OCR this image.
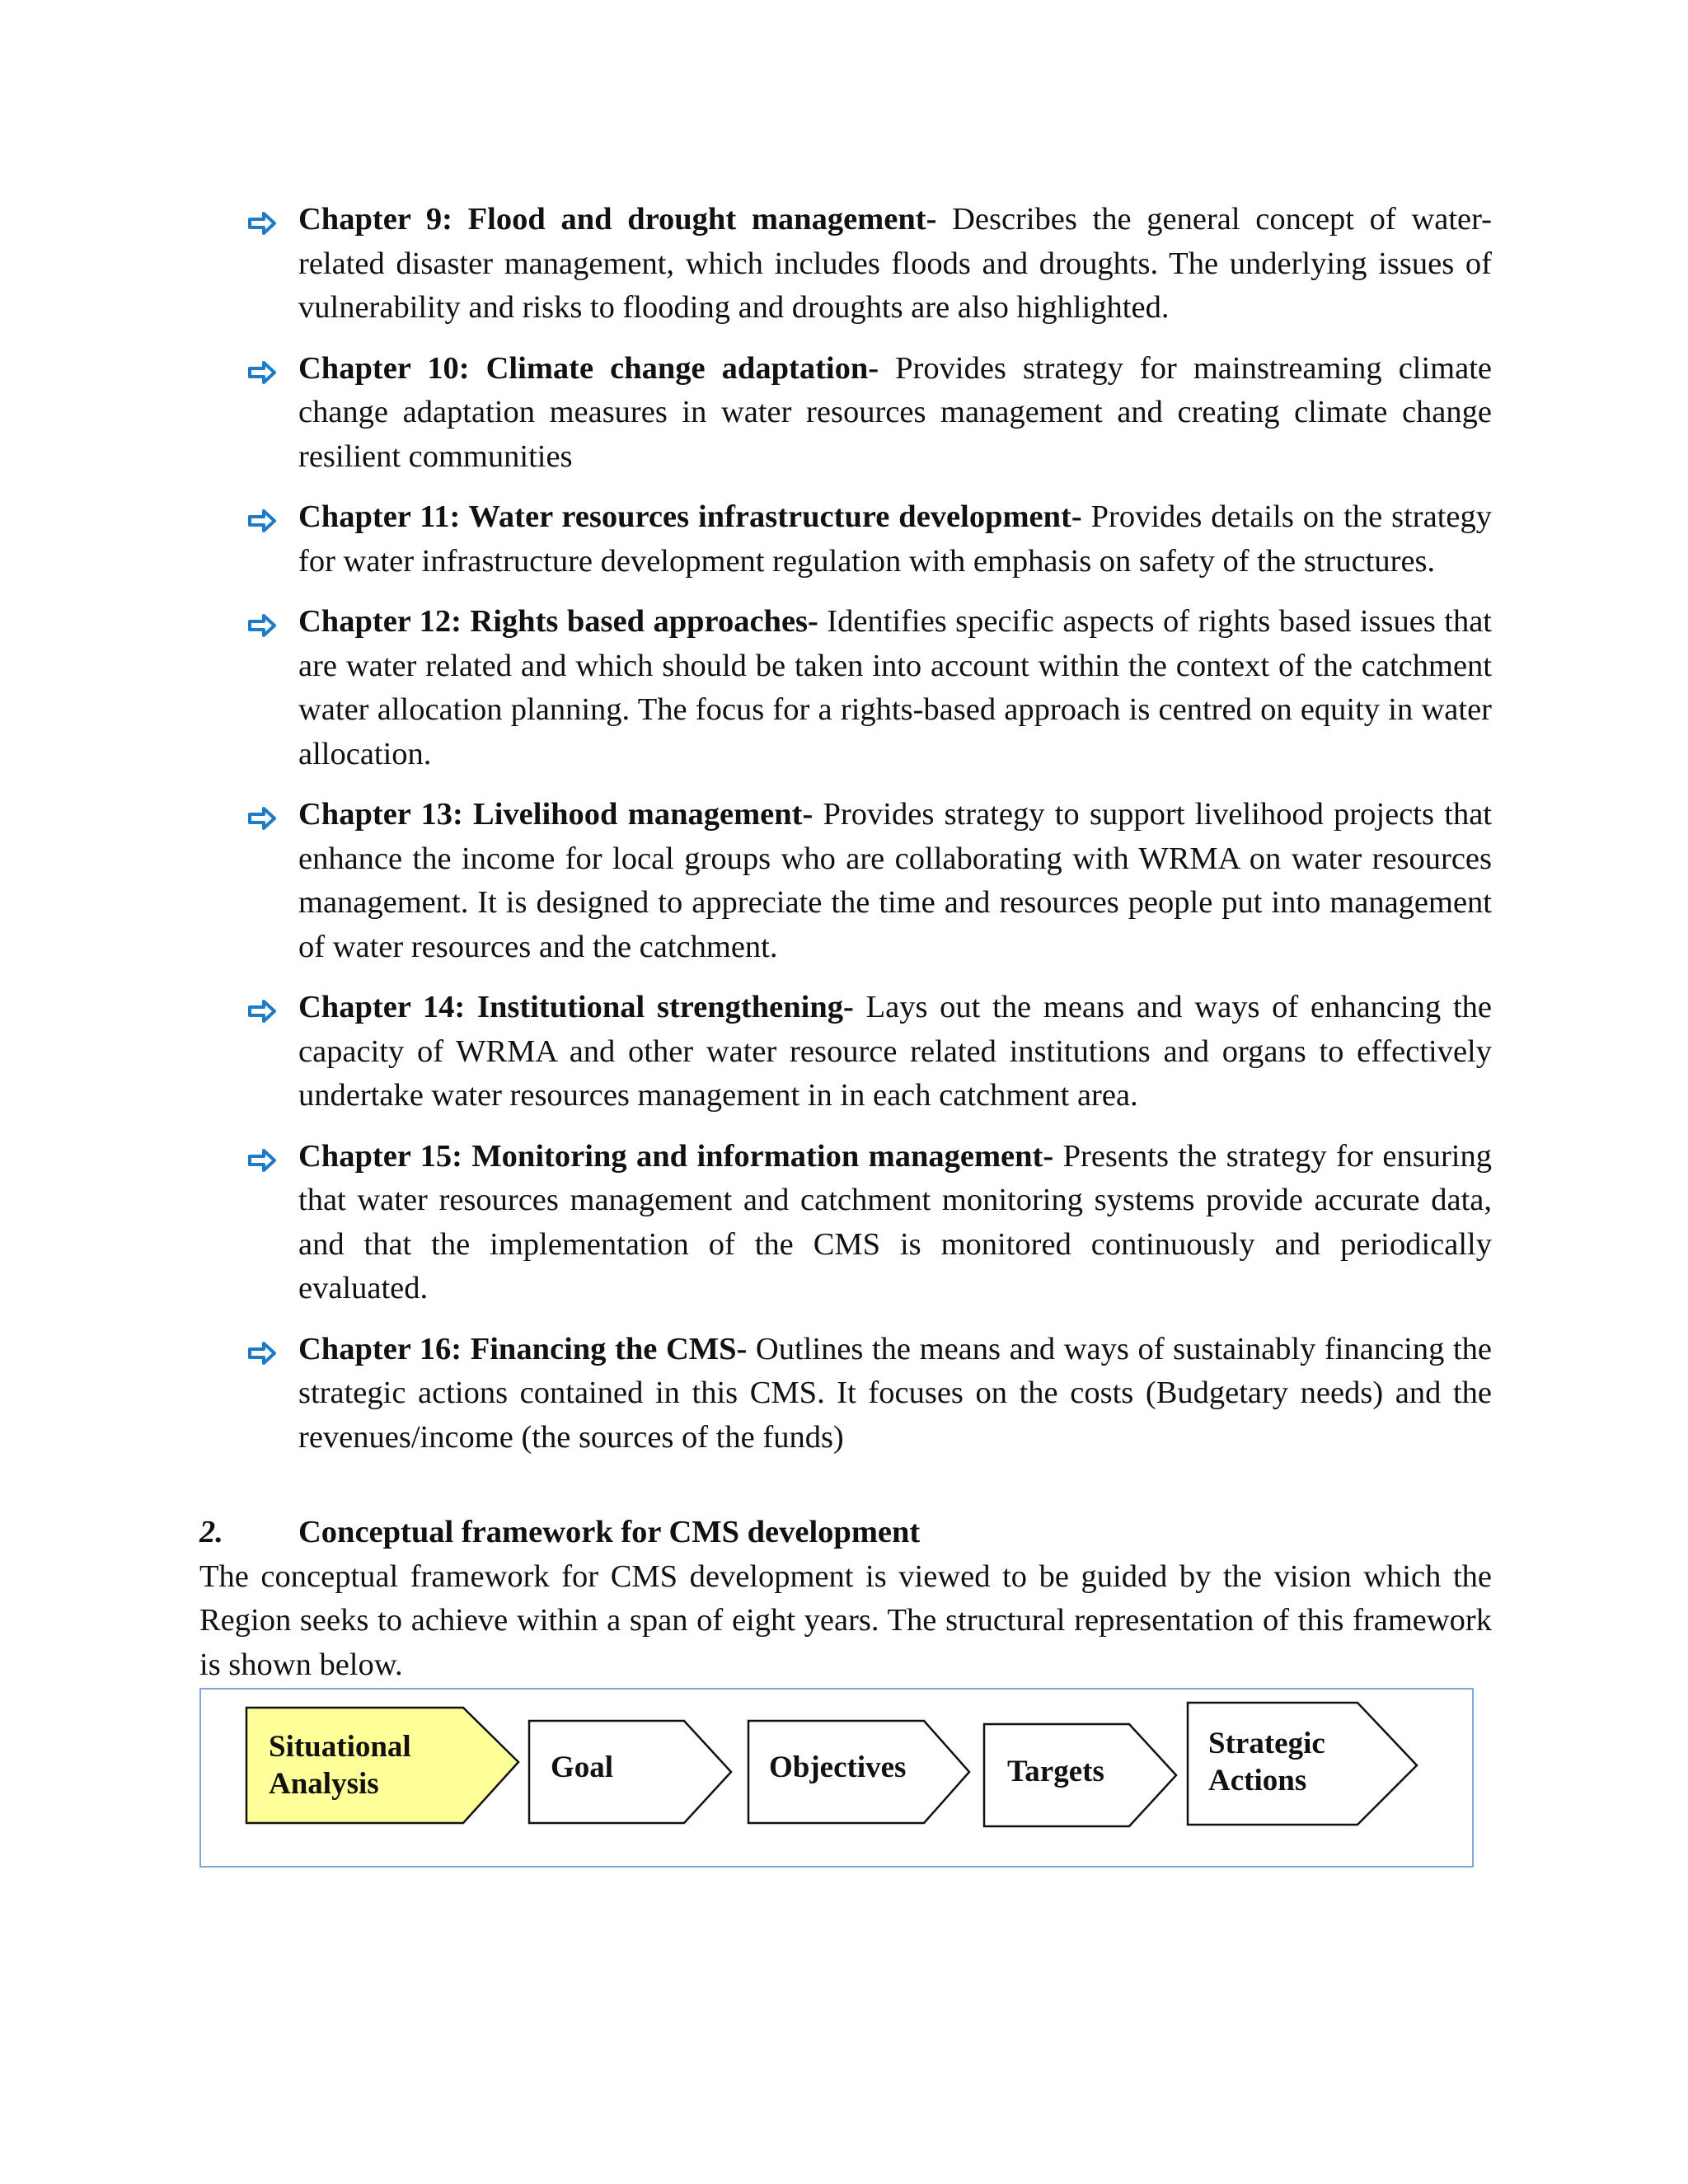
Chapter 9: Flood and drought management- Describes the general concept of water-related disaster management, which includes floods and droughts. The underlying issues of vulnerability and risks to flooding and droughts are also highlighted.
Chapter 10: Climate change adaptation- Provides strategy for mainstreaming climate change adaptation measures in water resources management and creating climate change resilient communities
Chapter 11: Water resources infrastructure development- Provides details on the strategy for water infrastructure development regulation with emphasis on safety of the structures.
Chapter 12: Rights based approaches- Identifies specific aspects of rights based issues that are water related and which should be taken into account within the context of the catchment water allocation planning. The focus for a rights-based approach is centred on equity in water allocation.
Chapter 13: Livelihood management- Provides strategy to support livelihood projects that enhance the income for local groups who are collaborating with WRMA on water resources management. It is designed to appreciate the time and resources people put into management of water resources and the catchment.
Chapter 14: Institutional strengthening- Lays out the means and ways of enhancing the capacity of WRMA and other water resource related institutions and organs to effectively undertake water resources management in in each catchment area.
Chapter 15: Monitoring and information management- Presents the strategy for ensuring that water resources management and catchment monitoring systems provide accurate data, and that the implementation of the CMS is monitored continuously and periodically evaluated.
Chapter 16: Financing the CMS- Outlines the means and ways of sustainably financing the strategic actions contained in this CMS. It focuses on the costs (Budgetary needs) and the revenues/income (the sources of the funds)
2.	Conceptual framework for CMS development
The conceptual framework for CMS development is viewed to be guided by the vision which the Region seeks to achieve within a span of eight years. The structural representation of this framework is shown below.
Situational
Analysis	Goal	Objectives	Targets
Strategic
Actions
